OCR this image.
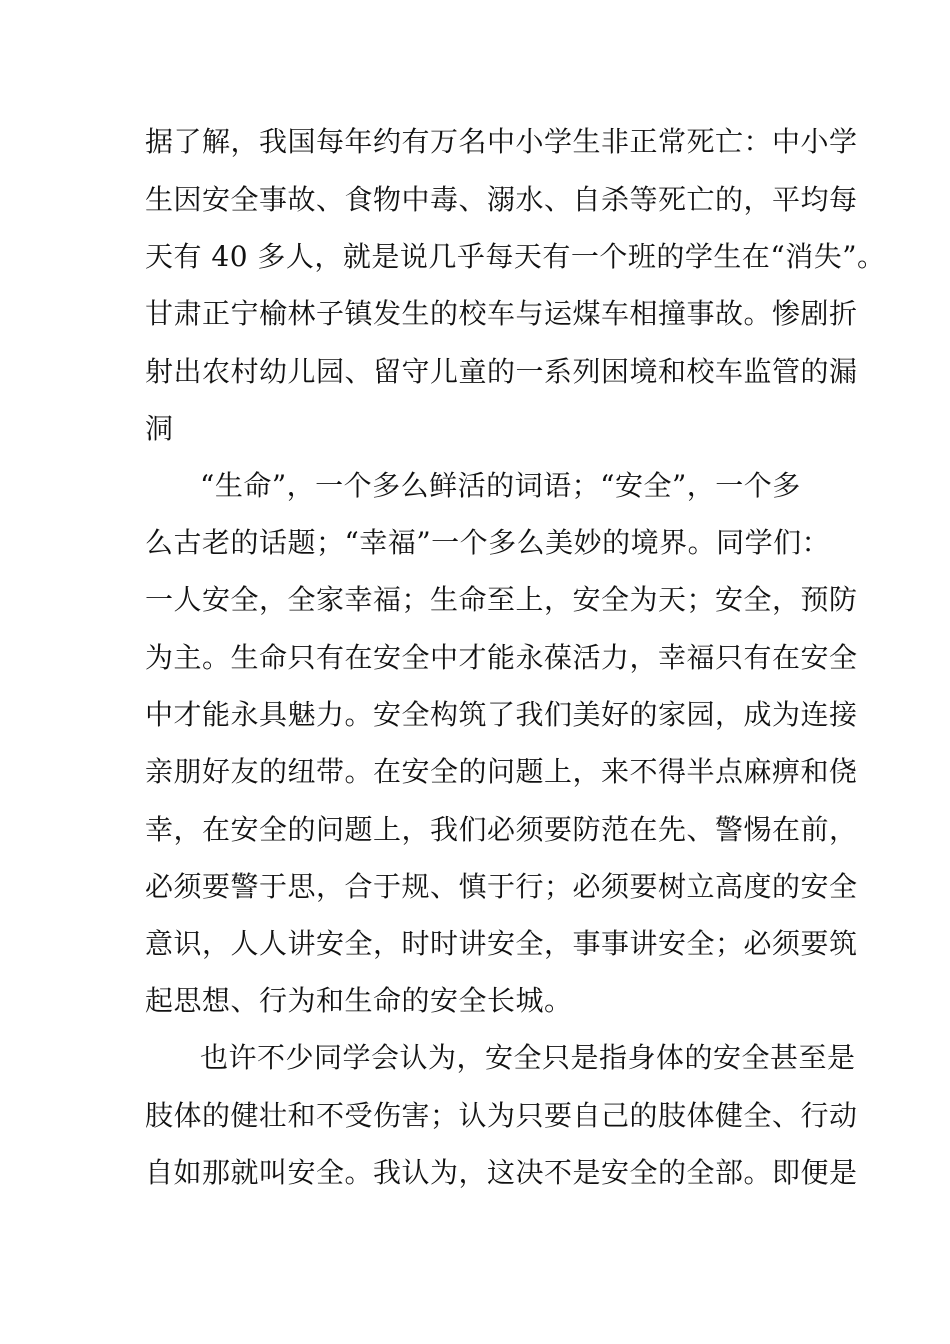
据了解，我国每年约有万名中小学生非正常死亡：中小学
生因安全事故、食物中毒、溺水、自杀等死亡的，平均每
天有 40 多人，就是说几乎每天有一个班的学生在“消失”。
甘肃正宁榆林子镇发生的校车与运煤车相撞事故。惨剧折
射出农村幼儿园、留守儿童的一系列困境和校车监管的漏
洞
“生命”，一个多么鲜活的词语；“安全”，一个多
么古老的话题；“幸福”一个多么美妙的境界。同学们：
一人安全，全家幸福；生命至上，安全为天；安全，预防
为主。生命只有在安全中才能永葆活力，幸福只有在安全
中才能永具魅力。安全构筑了我们美好的家园，成为连接
亲朋好友的纽带。在安全的问题上，来不得半点麻痹和侥
幸，在安全的问题上，我们必须要防范在先、警惕在前，
必须要警于思，合于规、慎于行；必须要树立高度的安全
意识，人人讲安全，时时讲安全，事事讲安全；必须要筑
起思想、行为和生命的安全长城。
也许不少同学会认为，安全只是指身体的安全甚至是
肢体的健壮和不受伤害；认为只要自己的肢体健全、行动
自如那就叫安全。我认为，这决不是安全的全部。即便是
